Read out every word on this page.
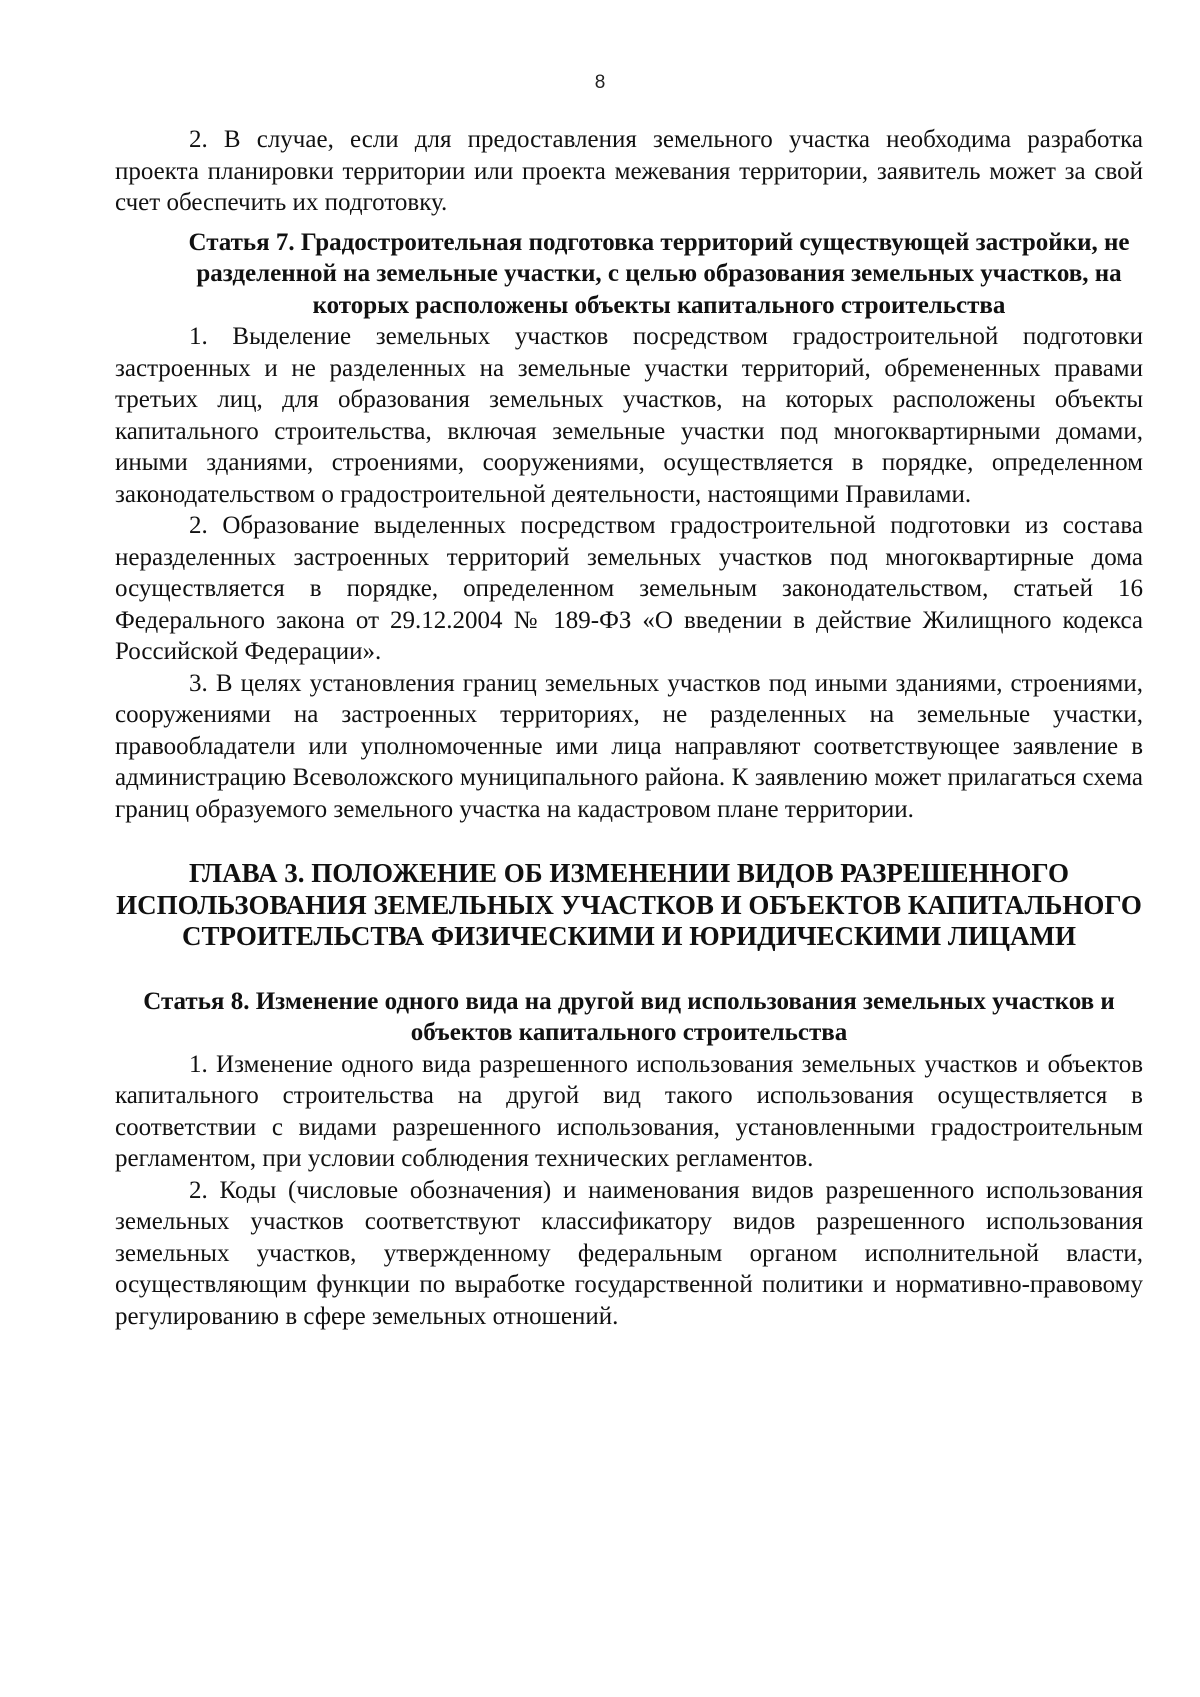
8

2. В случае, если для предоставления земельного участка необходима разработка проекта планировки территории или проекта межевания территории, заявитель может за свой счет обеспечить их подготовку.

Статья 7. Градостроительная подготовка территорий существующей застройки, не разделенной на земельные участки, с целью образования земельных участков, на которых расположены объекты капитального строительства

1. Выделение земельных участков посредством градостроительной подготовки застроенных и не разделенных на земельные участки территорий, обремененных правами третьих лиц, для образования земельных участков, на которых расположены объекты капитального строительства, включая земельные участки под многоквартирными домами, иными зданиями, строениями, сооружениями, осуществляется в порядке, определенном законодательством о градостроительной деятельности, настоящими Правилами.

2. Образование выделенных посредством градостроительной подготовки из состава неразделенных застроенных территорий земельных участков под многоквартирные дома осуществляется в порядке, определенном земельным законодательством, статьей 16 Федерального закона от 29.12.2004 № 189-ФЗ «О введении в действие Жилищного кодекса Российской Федерации».

3. В целях установления границ земельных участков под иными зданиями, строениями, сооружениями на застроенных территориях, не разделенных на земельные участки, правообладатели или уполномоченные ими лица направляют соответствующее заявление в администрацию Всеволожского муниципального района. К заявлению может прилагаться схема границ образуемого земельного участка на кадастровом плане территории.

ГЛАВА 3. ПОЛОЖЕНИЕ ОБ ИЗМЕНЕНИИ ВИДОВ РАЗРЕШЕННОГО ИСПОЛЬЗОВАНИЯ ЗЕМЕЛЬНЫХ УЧАСТКОВ И ОБЪЕКТОВ КАПИТАЛЬНОГО СТРОИТЕЛЬСТВА ФИЗИЧЕСКИМИ И ЮРИДИЧЕСКИМИ ЛИЦАМИ
Статья 8. Изменение одного вида на другой вид использования земельных участков и объектов капитального строительства

1. Изменение одного вида разрешенного использования земельных участков и объектов капитального строительства на другой вид такого использования осуществляется в соответствии с видами разрешенного использования, установленными градостроительным регламентом, при условии соблюдения технических регламентов.

2. Коды (числовые обозначения) и наименования видов разрешенного использования земельных участков соответствуют классификатору видов разрешенного использования земельных участков, утвержденному федеральным органом исполнительной власти, осуществляющим функции по выработке государственной политики и нормативно-правовому регулированию в сфере земельных отношений.
